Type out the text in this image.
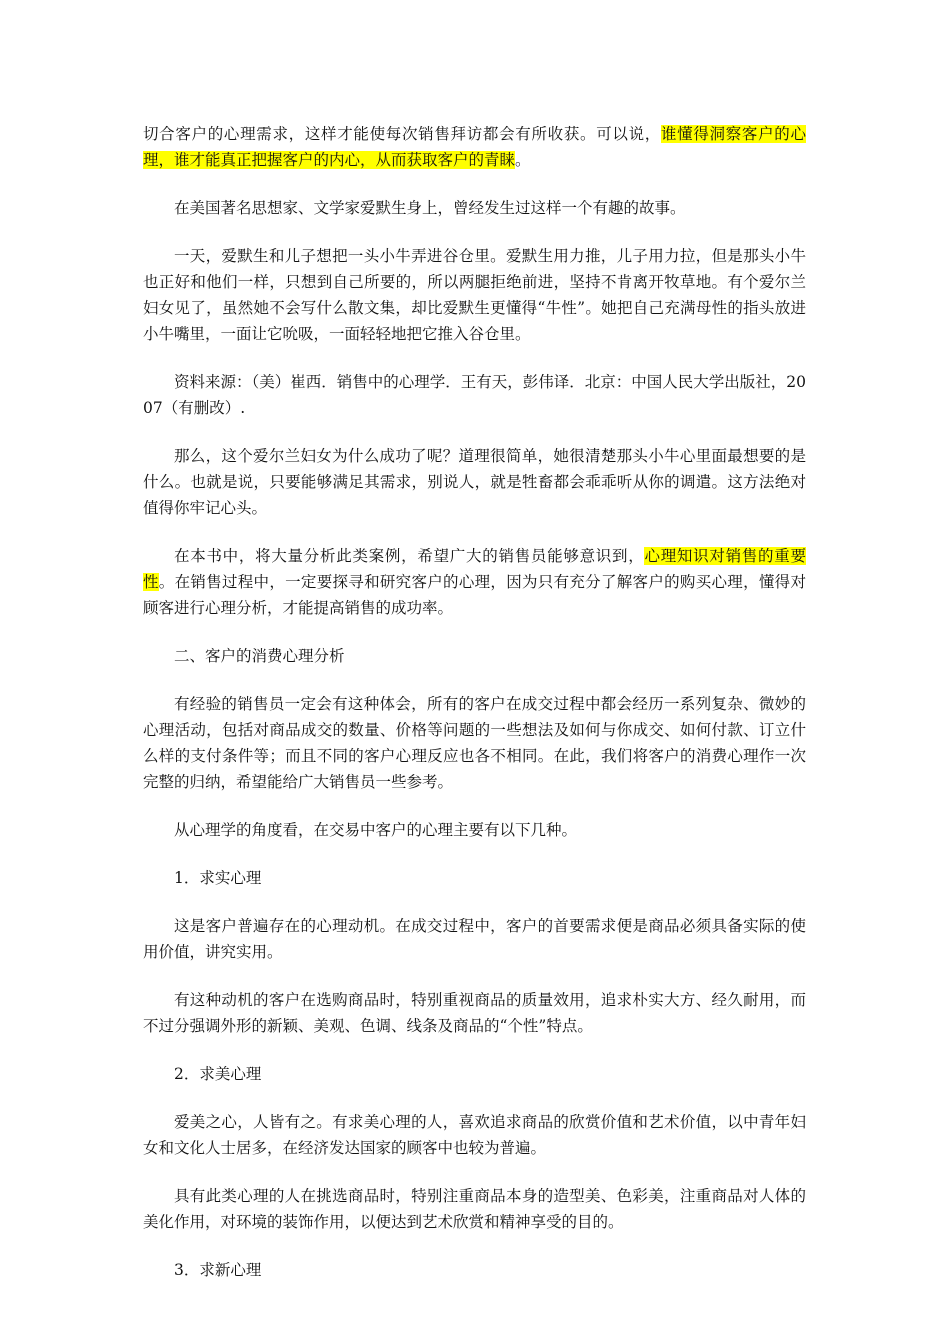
切合客户的心理需求，这样才能使每次销售拜访都会有所收获。可以说，谁懂得洞察客户的心理，谁才能真正把握客户的内心，从而获取客户的青睐。

在美国著名思想家、文学家爱默生身上，曾经发生过这样一个有趣的故事。

一天，爱默生和儿子想把一头小牛弄进谷仓里。爱默生用力推，儿子用力拉，但是那头小牛也正好和他们一样，只想到自己所要的，所以两腿拒绝前进，坚持不肯离开牧草地。有个爱尔兰妇女见了，虽然她不会写什么散文集，却比爱默生更懂得“牛性”。她把自己充满母性的指头放进小牛嘴里，一面让它吮吸，一面轻轻地把它推入谷仓里。

资料来源：（美）崔西．销售中的心理学．王有天，彭伟译．北京：中国人民大学出版社，2007（有删改）.

那么，这个爱尔兰妇女为什么成功了呢？道理很简单，她很清楚那头小牛心里面最想要的是什么。也就是说，只要能够满足其需求，别说人，就是牲畜都会乖乖听从你的调遣。这方法绝对值得你牢记心头。

在本书中，将大量分析此类案例，希望广大的销售员能够意识到，心理知识对销售的重要性。在销售过程中，一定要探寻和研究客户的心理，因为只有充分了解客户的购买心理，懂得对顾客进行心理分析，才能提高销售的成功率。

二、客户的消费心理分析

有经验的销售员一定会有这种体会，所有的客户在成交过程中都会经历一系列复杂、微妙的心理活动，包括对商品成交的数量、价格等问题的一些想法及如何与你成交、如何付款、订立什么样的支付条件等；而且不同的客户心理反应也各不相同。在此，我们将客户的消费心理作一次完整的归纳，希望能给广大销售员一些参考。

从心理学的角度看，在交易中客户的心理主要有以下几种。

1．求实心理

这是客户普遍存在的心理动机。在成交过程中，客户的首要需求便是商品必须具备实际的使用价值，讲究实用。

有这种动机的客户在选购商品时，特别重视商品的质量效用，追求朴实大方、经久耐用，而不过分强调外形的新颖、美观、色调、线条及商品的“个性”特点。

2．求美心理

爱美之心，人皆有之。有求美心理的人，喜欢追求商品的欣赏价值和艺术价值，以中青年妇女和文化人士居多，在经济发达国家的顾客中也较为普遍。

具有此类心理的人在挑选商品时，特别注重商品本身的造型美、色彩美，注重商品对人体的美化作用，对环境的装饰作用，以便达到艺术欣赏和精神享受的目的。

3．求新心理
